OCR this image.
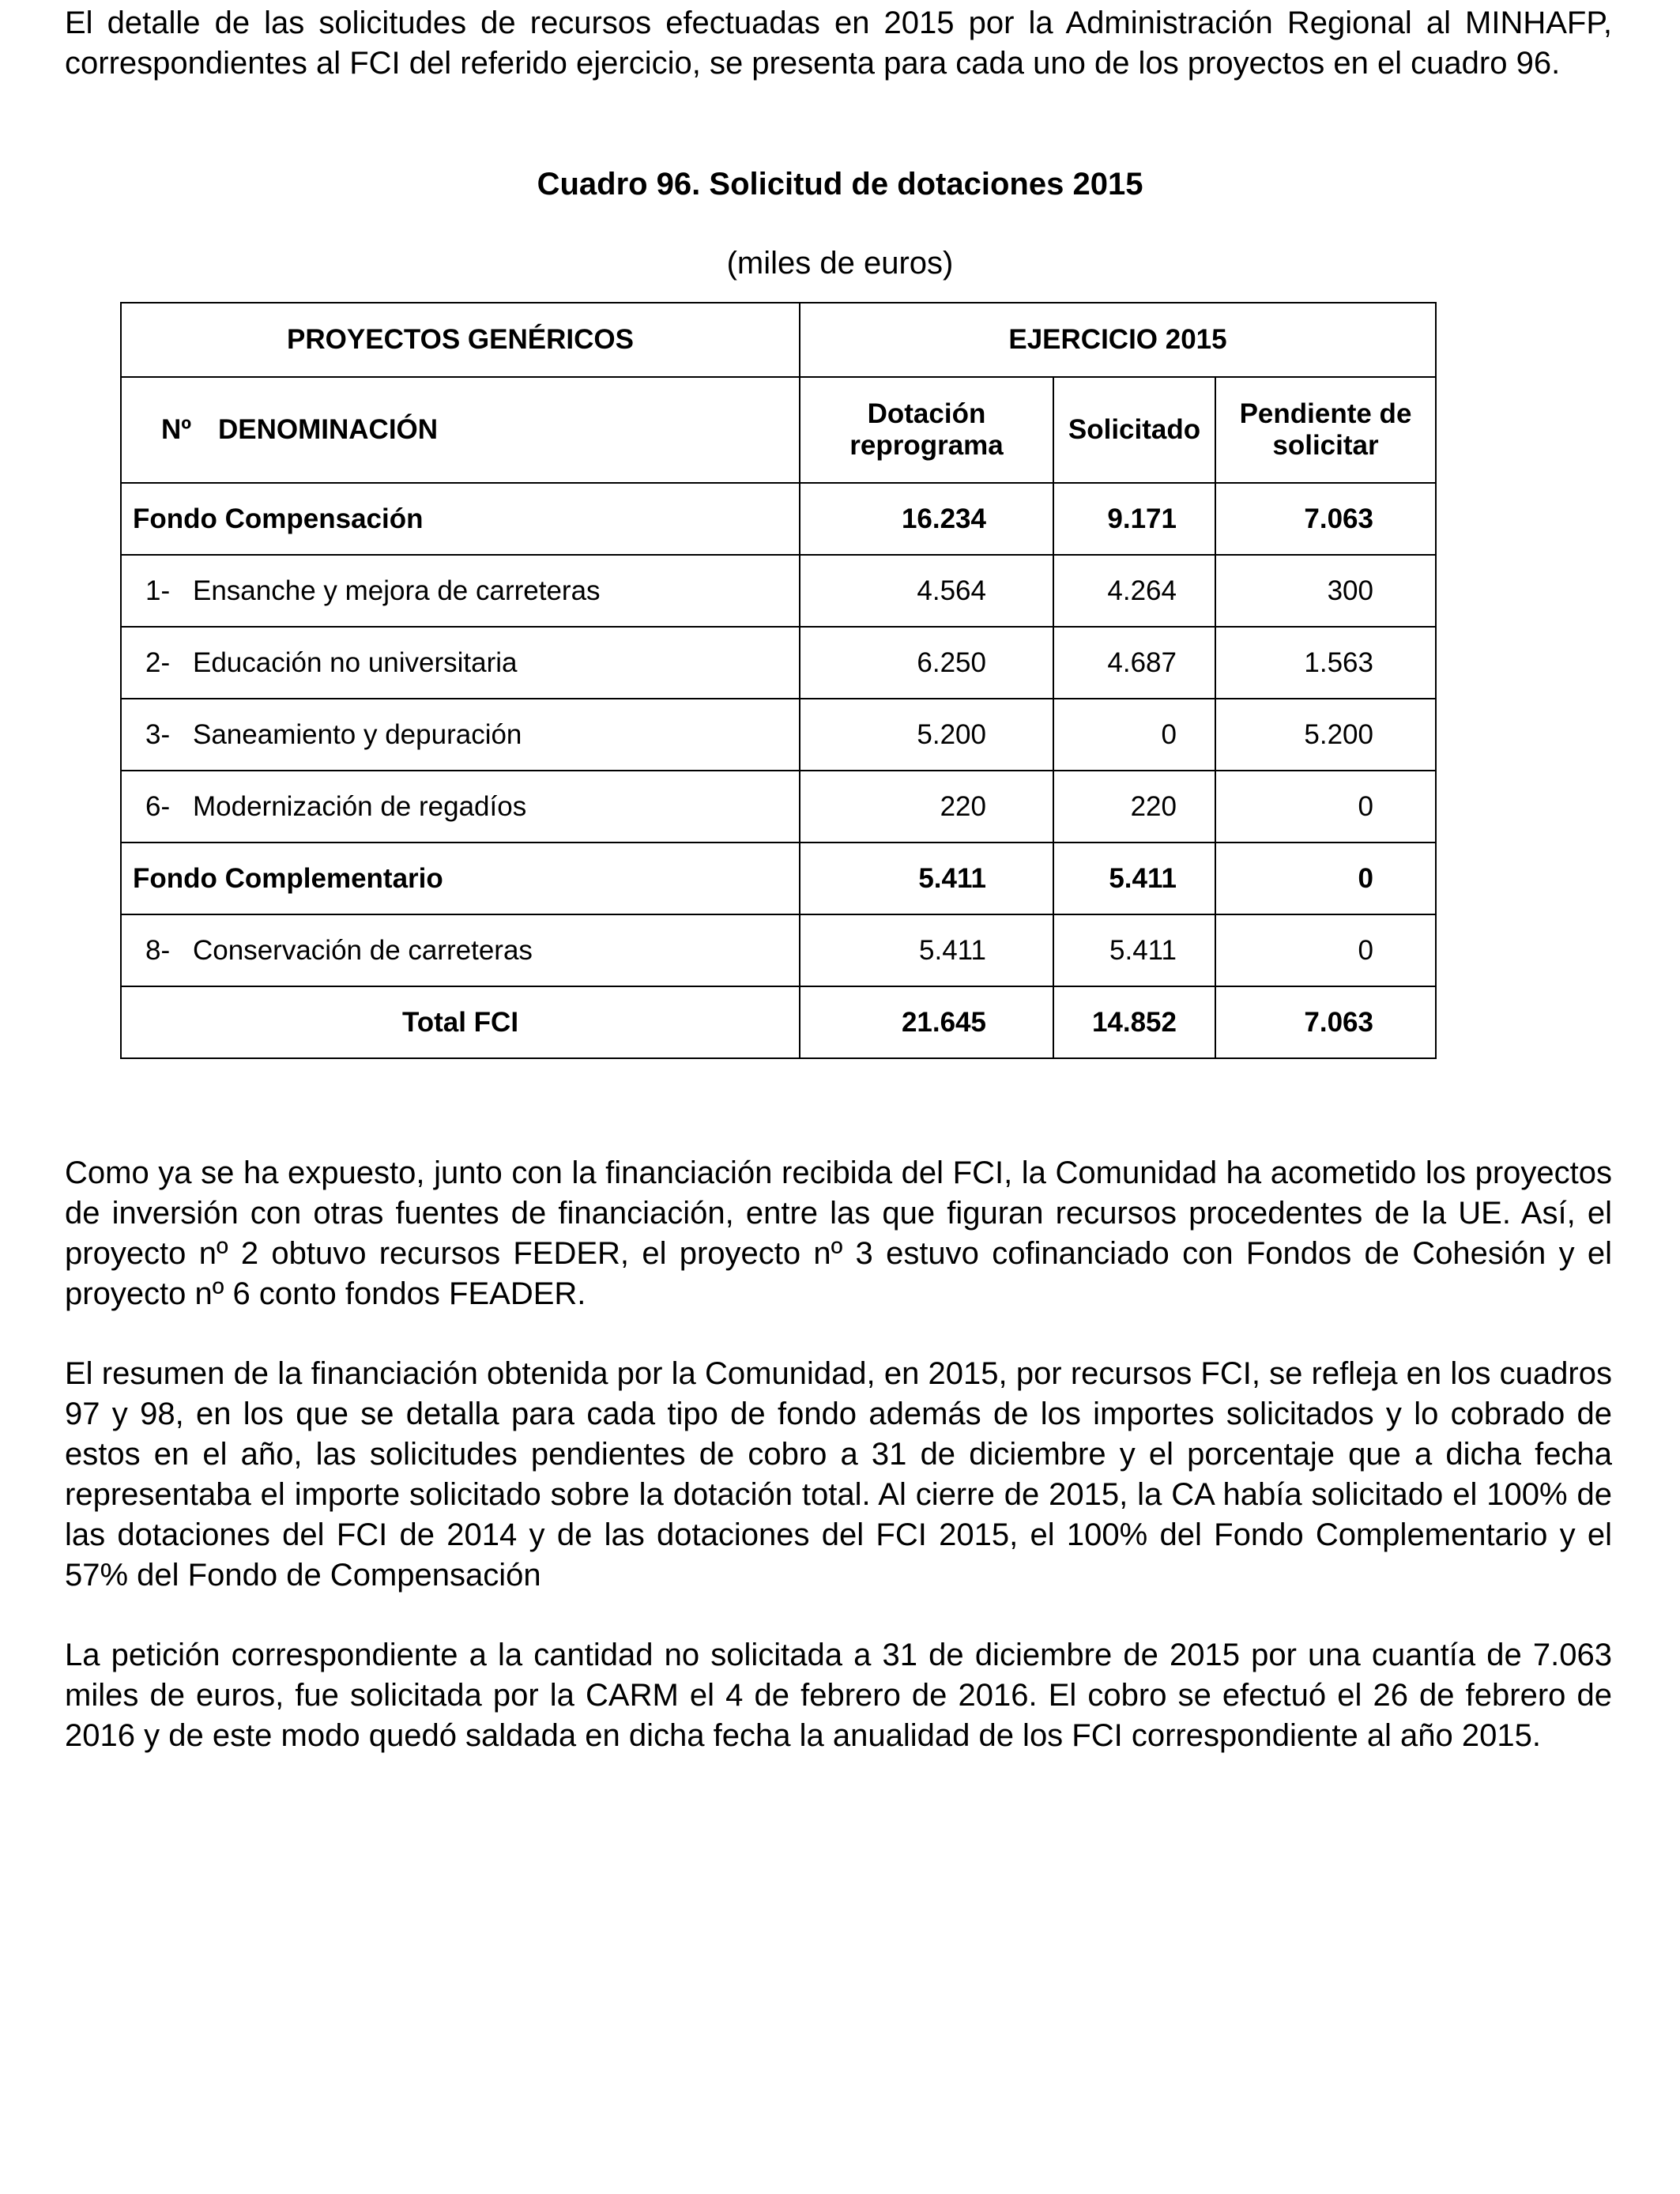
El detalle de las solicitudes de recursos efectuadas en 2015 por la Administración Regional al MINHAFP, correspondientes al FCI del referido ejercicio, se presenta para cada uno de los proyectos en el cuadro 96.

Cuadro 96. Solicitud de dotaciones 2015
(miles de euros)

Como ya se ha expuesto, junto con la financiación recibida del FCI, la Comunidad ha acometido los proyectos de inversión con otras fuentes de financiación, entre las que figuran recursos procedentes de la UE. Así, el proyecto nº 2 obtuvo recursos FEDER, el proyecto nº 3 estuvo cofinanciado con Fondos de Cohesión y el proyecto nº 6 conto fondos FEADER.

El resumen de la financiación obtenida por la Comunidad, en 2015, por recursos FCI, se refleja en los cuadros 97 y 98, en los que se detalla para cada tipo de fondo además de los importes solicitados y lo cobrado de estos en el año, las solicitudes pendientes de cobro a 31 de diciembre y el porcentaje que a dicha fecha representaba el importe solicitado sobre la dotación total. Al cierre de 2015, la CA había solicitado el 100% de las dotaciones del FCI de 2014 y de las dotaciones del FCI 2015, el 100% del Fondo Complementario y el 57% del Fondo de Compensación

La petición correspondiente a la cantidad no solicitada a 31 de diciembre de 2015 por una cuantía de 7.063 miles de euros, fue solicitada por la CARM el 4 de febrero de 2016. El cobro se efectuó el 26 de febrero de 2016 y de este modo quedó saldada en dicha fecha la anualidad de los FCI correspondiente al año 2015.

PROYECTOS GENÉRICOS	EJERCICIO 2015		
Nº DENOMINACIÓN	Dotación reprograma	Solicitado	Pendiente de solicitar
Fondo Compensación	16.234	9.171	7.063
1- Ensanche y mejora de carreteras	4.564	4.264	300
2- Educación no universitaria	6.250	4.687	1.563
3- Saneamiento y depuración	5.200	0	5.200
6- Modernización de regadíos	220	220	0
Fondo Complementario	5.411	5.411	0
8- Conservación de carreteras	5.411	5.411	0
Total FCI	21.645	14.852	7.063
